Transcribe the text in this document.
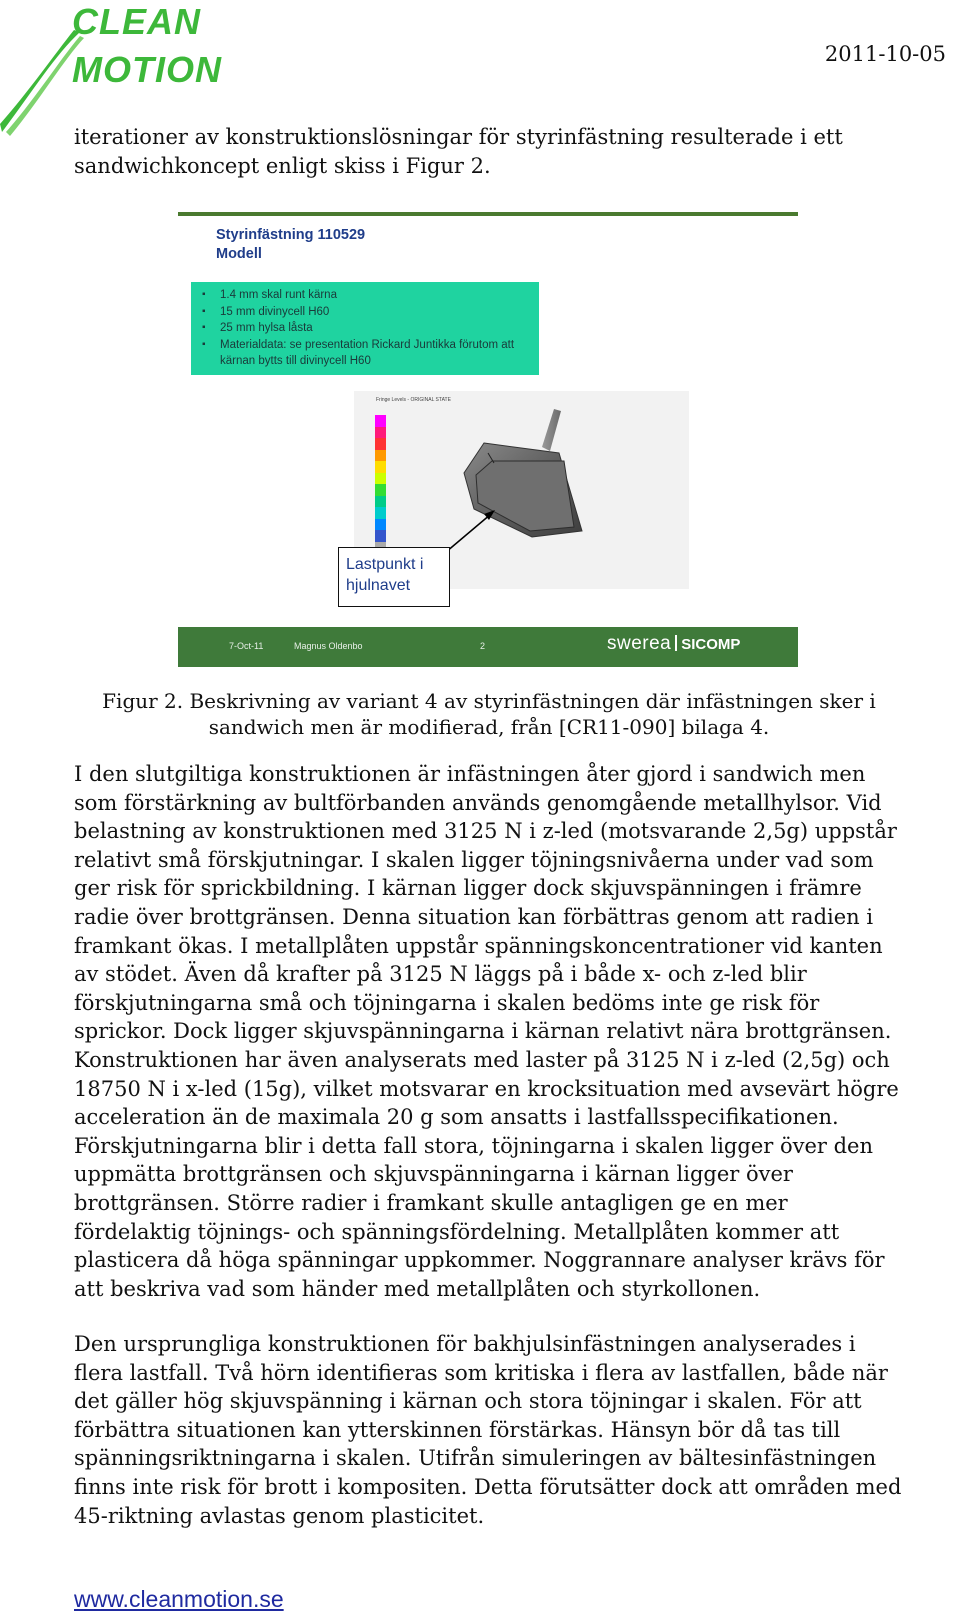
CLEAN
MOTION	2011-10-05
iterationer av konstruktionslösningar för styrinfästning resulterade i ett sandwichkoncept enligt skiss i Figur 2.
Styrinfästning 110529
Modell
▪ 1.4 mm skal runt kärna
▪ 15 mm divinycell H60
▪ 25 mm hylsa låsta
▪ Materialdata: se presentation Rickard Juntikka förutom att kärnan bytts till divinycell H60
Fringe Levels - ORIGINAL STATE
Lastpunkt i
hjulnavet
7-Oct-11	Magnus Oldenbo	2	swerea SICOMP
Figur 2. Beskrivning av variant 4 av styrinfästningen där infästningen sker i sandwich men är modifierad, från [CR11-090] bilaga 4.
I den slutgiltiga konstruktionen är infästningen åter gjord i sandwich men som förstärkning av bultförbanden används genomgående metallhylsor. Vid belastning av konstruktionen med 3125 N i z-led (motsvarande 2,5g) uppstår relativt små förskjutningar. I skalen ligger töjningsnivåerna under vad som ger risk för sprickbildning. I kärnan ligger dock skjuvspänningen i främre radie över brottgränsen. Denna situation kan förbättras genom att radien i framkant ökas. I metallplåten uppstår spänningskoncentrationer vid kanten av stödet. Även då krafter på 3125 N läggs på i både x- och z-led blir förskjutningarna små och töjningarna i skalen bedöms inte ge risk för sprickor. Dock ligger skjuvspänningarna i kärnan relativt nära brottgränsen. Konstruktionen har även analyserats med laster på 3125 N i z-led (2,5g) och 18750 N i x-led (15g), vilket motsvarar en krocksituation med avsevärt högre acceleration än de maximala 20 g som ansatts i lastfallsspecifikationen. Förskjutningarna blir i detta fall stora, töjningarna i skalen ligger över den uppmätta brottgränsen och skjuvspänningarna i kärnan ligger över brottgränsen. Större radier i framkant skulle antagligen ge en mer fördelaktig töjnings- och spänningsfördelning. Metallplåten kommer att plasticera då höga spänningar uppkommer. Noggrannare analyser krävs för att beskriva vad som händer med metallplåten och styrkollonen.
Den ursprungliga konstruktionen för bakhjulsinfästningen analyserades i flera lastfall. Två hörn identifieras som kritiska i flera av lastfallen, både när det gäller hög skjuvspänning i kärnan och stora töjningar i skalen. För att förbättra situationen kan ytterskinnen förstärkas. Hänsyn bör då tas till spänningsriktningarna i skalen. Utifrån simuleringen av bältesinfästningen finns inte risk för brott i kompositen. Detta förutsätter dock att områden med 45-riktning avlastas genom plasticitet.
www.cleanmotion.se
